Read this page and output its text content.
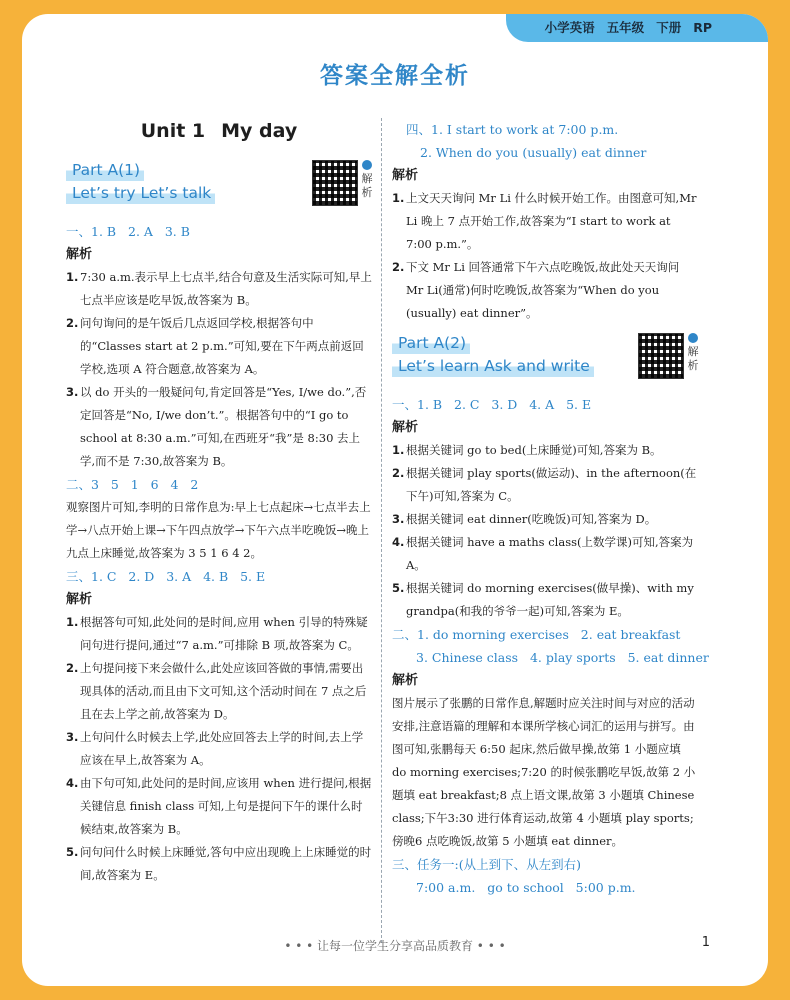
小学英语 五年级 下册 RP
答案全解全析
Unit 1 My day
Part A(1)
Let’s try Let’s talk
解析
一、1. B   2. A   3. B
解析
1. 7:30 a.m.表示早上七点半,结合句意及生活实际可知,早上七点半应该是吃早饭,故答案为 B。
2. 问句询问的是午饭后几点返回学校,根据答句中的“Classes start at 2 p.m.”可知,要在下午两点前返回学校,选项 A 符合题意,故答案为 A。
3. 以 do 开头的一般疑问句,肯定回答是“Yes, I/we do.”,否定回答是“No, I/we don’t.”。根据答句中的“I go to school at 8:30 a.m.”可知,在西班牙“我”是 8:30 去上学,而不是 7:30,故答案为 B。
二、3   5   1   6   4   2
观察图片可知,李明的日常作息为:早上七点起床→七点半去上学→八点开始上课→下午四点放学→下午六点半吃晚饭→晚上九点上床睡觉,故答案为 3 5 1 6 4 2。
三、1. C   2. D   3. A   4. B   5. E
解析
1. 根据答句可知,此处问的是时间,应用 when 引导的特殊疑问句进行提问,通过“7 a.m.”可排除 B 项,故答案为 C。
2. 上句提问接下来会做什么,此处应该回答做的事情,需要出现具体的活动,而且由下文可知,这个活动时间在 7 点之后且在去上学之前,故答案为 D。
3. 上句问什么时候去上学,此处应回答去上学的时间,去上学应该在早上,故答案为 A。
4. 由下句可知,此处问的是时间,应该用 when 进行提问,根据关键信息 finish class 可知,上句是提问下午的课什么时候结束,故答案为 B。
5. 问句问什么时候上床睡觉,答句中应出现晚上上床睡觉的时间,故答案为 E。
四、1. I start to work at 7:00 p.m.
2. When do you (usually) eat dinner
解析
1. 上文天天询问 Mr Li 什么时候开始工作。由图意可知,Mr Li 晚上 7 点开始工作,故答案为“I start to work at 7:00 p.m.”。
2. 下文 Mr Li 回答通常下午六点吃晚饭,故此处天天询问 Mr Li(通常)何时吃晚饭,故答案为“When do you (usually) eat dinner”。
Part A(2)
Let’s learn Ask and write
解析
一、1. B   2. C   3. D   4. A   5. E
解析
1. 根据关键词 go to bed(上床睡觉)可知,答案为 B。
2. 根据关键词 play sports(做运动)、in the afternoon(在下午)可知,答案为 C。
3. 根据关键词 eat dinner(吃晚饭)可知,答案为 D。
4. 根据关键词 have a maths class(上数学课)可知,答案为 A。
5. 根据关键词 do morning exercises(做早操)、with my grandpa(和我的爷爷一起)可知,答案为 E。
二、1. do morning exercises   2. eat breakfast
3. Chinese class   4. play sports   5. eat dinner
解析
图片展示了张鹏的日常作息,解题时应关注时间与对应的活动安排,注意语篇的理解和本课所学核心词汇的运用与拼写。由图可知,张鹏每天 6:50 起床,然后做早操,故第 1 小题应填 do morning exercises;7:20 的时候张鹏吃早饭,故第 2 小题填 eat breakfast;8 点上语文课,故第 3 小题填 Chinese class;下午3:30 进行体育运动,故第 4 小题填 play sports;傍晚6 点吃晚饭,故第 5 小题填 eat dinner。
三、任务一:(从上到下、从左到右)
7:00 a.m.   go to school   5:00 p.m.
• • • 让每一位学生分享高品质教育 • • •	1
